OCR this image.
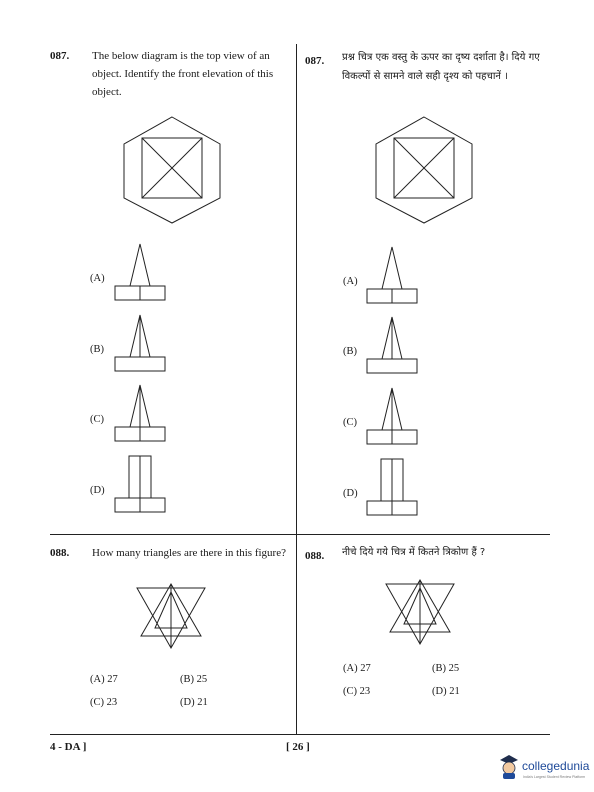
087. The below diagram is the top view of an object. Identify the front elevation of this object.
(A)
(B)
(C)
(D)
087. प्रश्न चित्र एक वस्तु के ऊपर का दृष्य दर्शाता है। दिये गए विकल्पों से सामने वाले सही दृश्य को पहचानें ।
(A)
(B)
(C)
(D)
088. How many triangles are there in this figure?
(A) 27	(B) 25
(C) 23	(D) 21
088. नीचे दिये गये चित्र में कितने त्रिकोण हैं ?
(A) 27	(B) 25
(C) 23	(D) 21
4 - DA ]	[ 26 ]
collegedunia
India's Largest Student Review Platform
